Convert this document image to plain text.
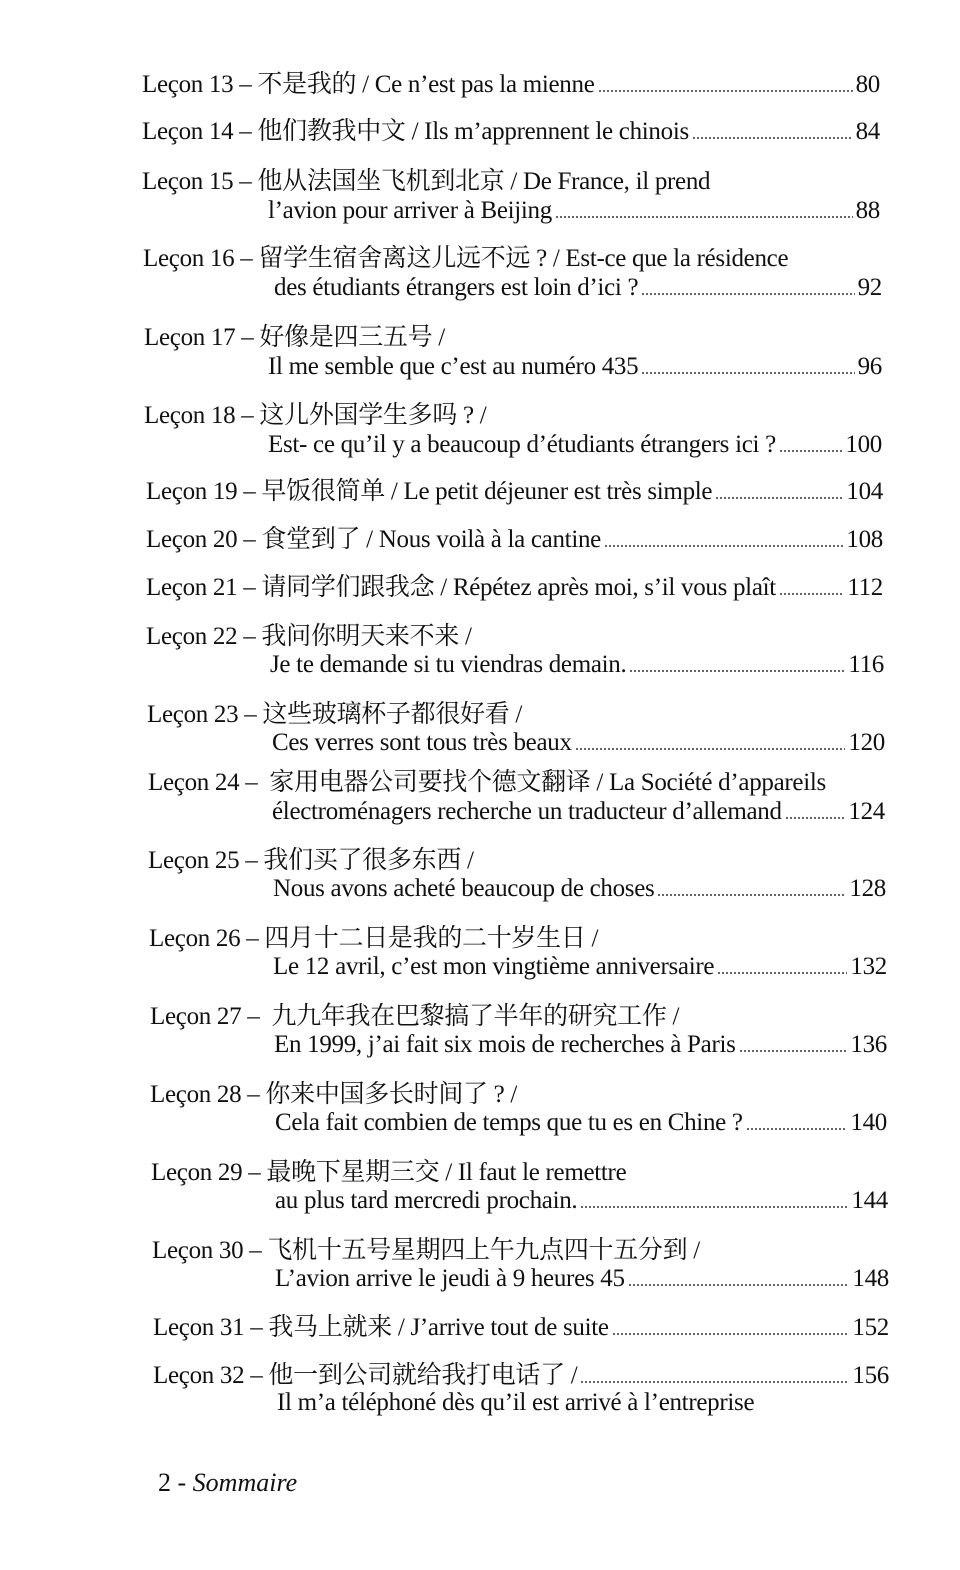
Leçon 13 –
不是我的 / Ce n’est pas la mienne	80
Leçon 14 –
他们教我中文 / Ils m’apprennent le chinois	84
Leçon 15 –
他从法国坐飞机到北京 / De France, il prend
l’avion pour arriver à Beijing	88
Leçon 16 –
留学生宿舍离这儿远不远 ? / Est-ce que la résidence
des étudiants étrangers est loin d’ici ?	92
Leçon 17 –
好像是四三五号 /
Il me semble que c’est au numéro 435	96
Leçon 18 –
这儿外国学生多吗 ? /
Est- ce qu’il y a beaucoup d’étudiants étrangers ici ?	100
Leçon 19 –
早饭很简单 / Le petit déjeuner est très simple	104
Leçon 20 –
食堂到了 / Nous voilà à la cantine	108
Leçon 21 –
请同学们跟我念 / Répétez après moi, s’il vous plaît	112
Leçon 22 –
我问你明天来不来 /
Je te demande si tu viendras demain.	116
Leçon 23 –
这些玻璃杯子都很好看 /
Ces verres sont tous très beaux	120
Leçon 24 –
家用电器公司要找个德文翻译 / La Société d’appareils
électroménagers recherche un traducteur d’allemand	124
Leçon 25 –
我们买了很多东西 /
Nous avons acheté beaucoup de choses	128
Leçon 26 –
四月十二日是我的二十岁生日 /
Le 12 avril, c’est mon vingtième anniversaire	132
Leçon 27 –
九九年我在巴黎搞了半年的研究工作 /
En 1999, j’ai fait six mois de recherches à Paris	136
Leçon 28 –
你来中国多长时间了 ? /
Cela fait combien de temps que tu es en Chine ?	140
Leçon 29 –
最晚下星期三交 / Il faut le remettre
au plus tard mercredi prochain.	144
Leçon 30 –
飞机十五号星期四上午九点四十五分到 /
L’avion arrive le jeudi à 9 heures 45	148
Leçon 31 –
我马上就来 / J’arrive tout de suite	152
Leçon 32 –
他一到公司就给我打电话了 /	156
Il m’a téléphoné dès qu’il est arrivé à l’entreprise
2 - Sommaire
